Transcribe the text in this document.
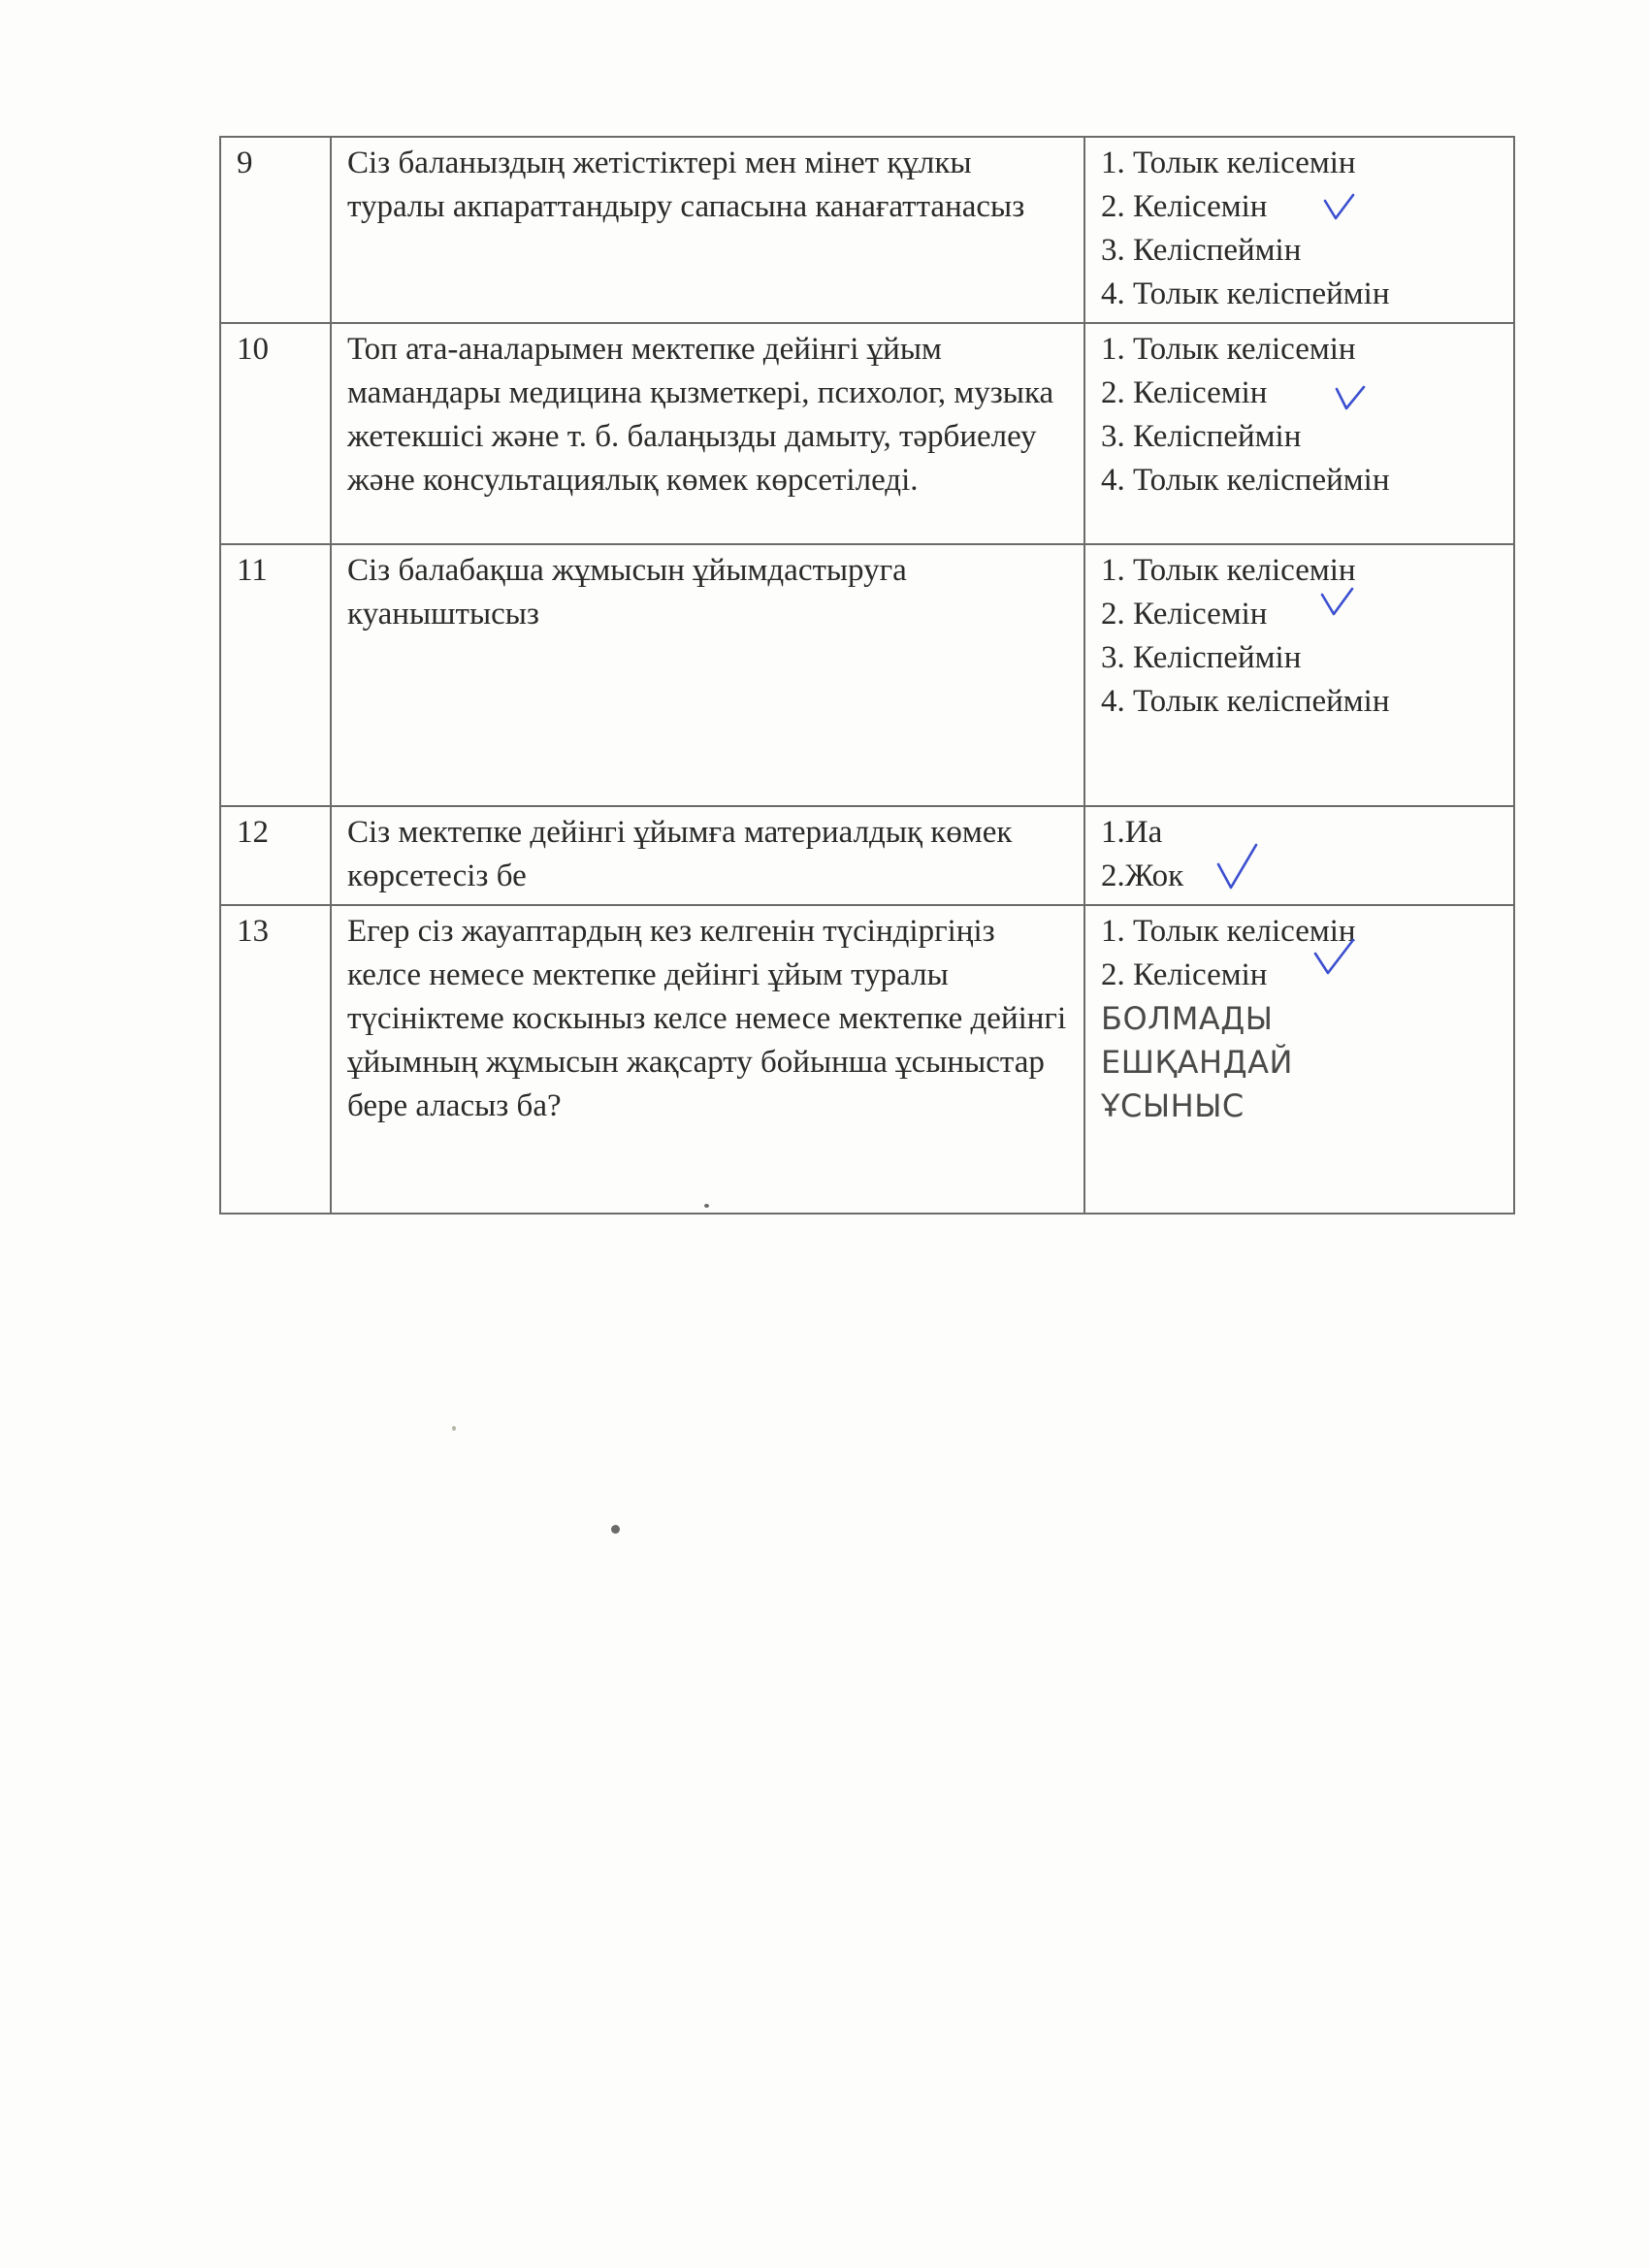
9	Сіз баланыздың жетістіктері мен мінет құлкы туралы акпараттандыру сапасына канағаттанасыз	1. Толык келісемін
2. Келісемін
3. Келіспеймін
4. Толык келіспеймін

10	Топ ата-аналарымен мектепке дейінгі ұйым мамандары медицина қызметкері, психолог, музыка жетекшісі және т. б. балаңызды дамыту, тәрбиелеу және консультациялық көмек көрсетіледі.	1. Толык келісемін
2. Келісемін
3. Келіспеймін
4. Толык келіспеймін

11	Сіз балабақша жұмысын ұйымдастыруга куаныштысыз	1. Толык келісемін
2. Келісемін
3. Келіспеймін
4. Толык келіспеймін

12	Сіз мектепке дейінгі ұйымға материалдық көмек көрсетесіз бе	1.Иа
2.Жок

13	Егер сіз жауаптардың кез келгенін түсіндіргіңіз келсе немесе мектепке дейінгі ұйым туралы түсініктеме коскыныз келсе немесе мектепке дейінгі ұйымның жұмысын жақсарту бойынша ұсыныстар бере аласыз ба?	1. Толык келісемін
2. Келісемін
БОЛМАДЫ
ЕШҚАНДАЙ
ҰСЫНЫС
